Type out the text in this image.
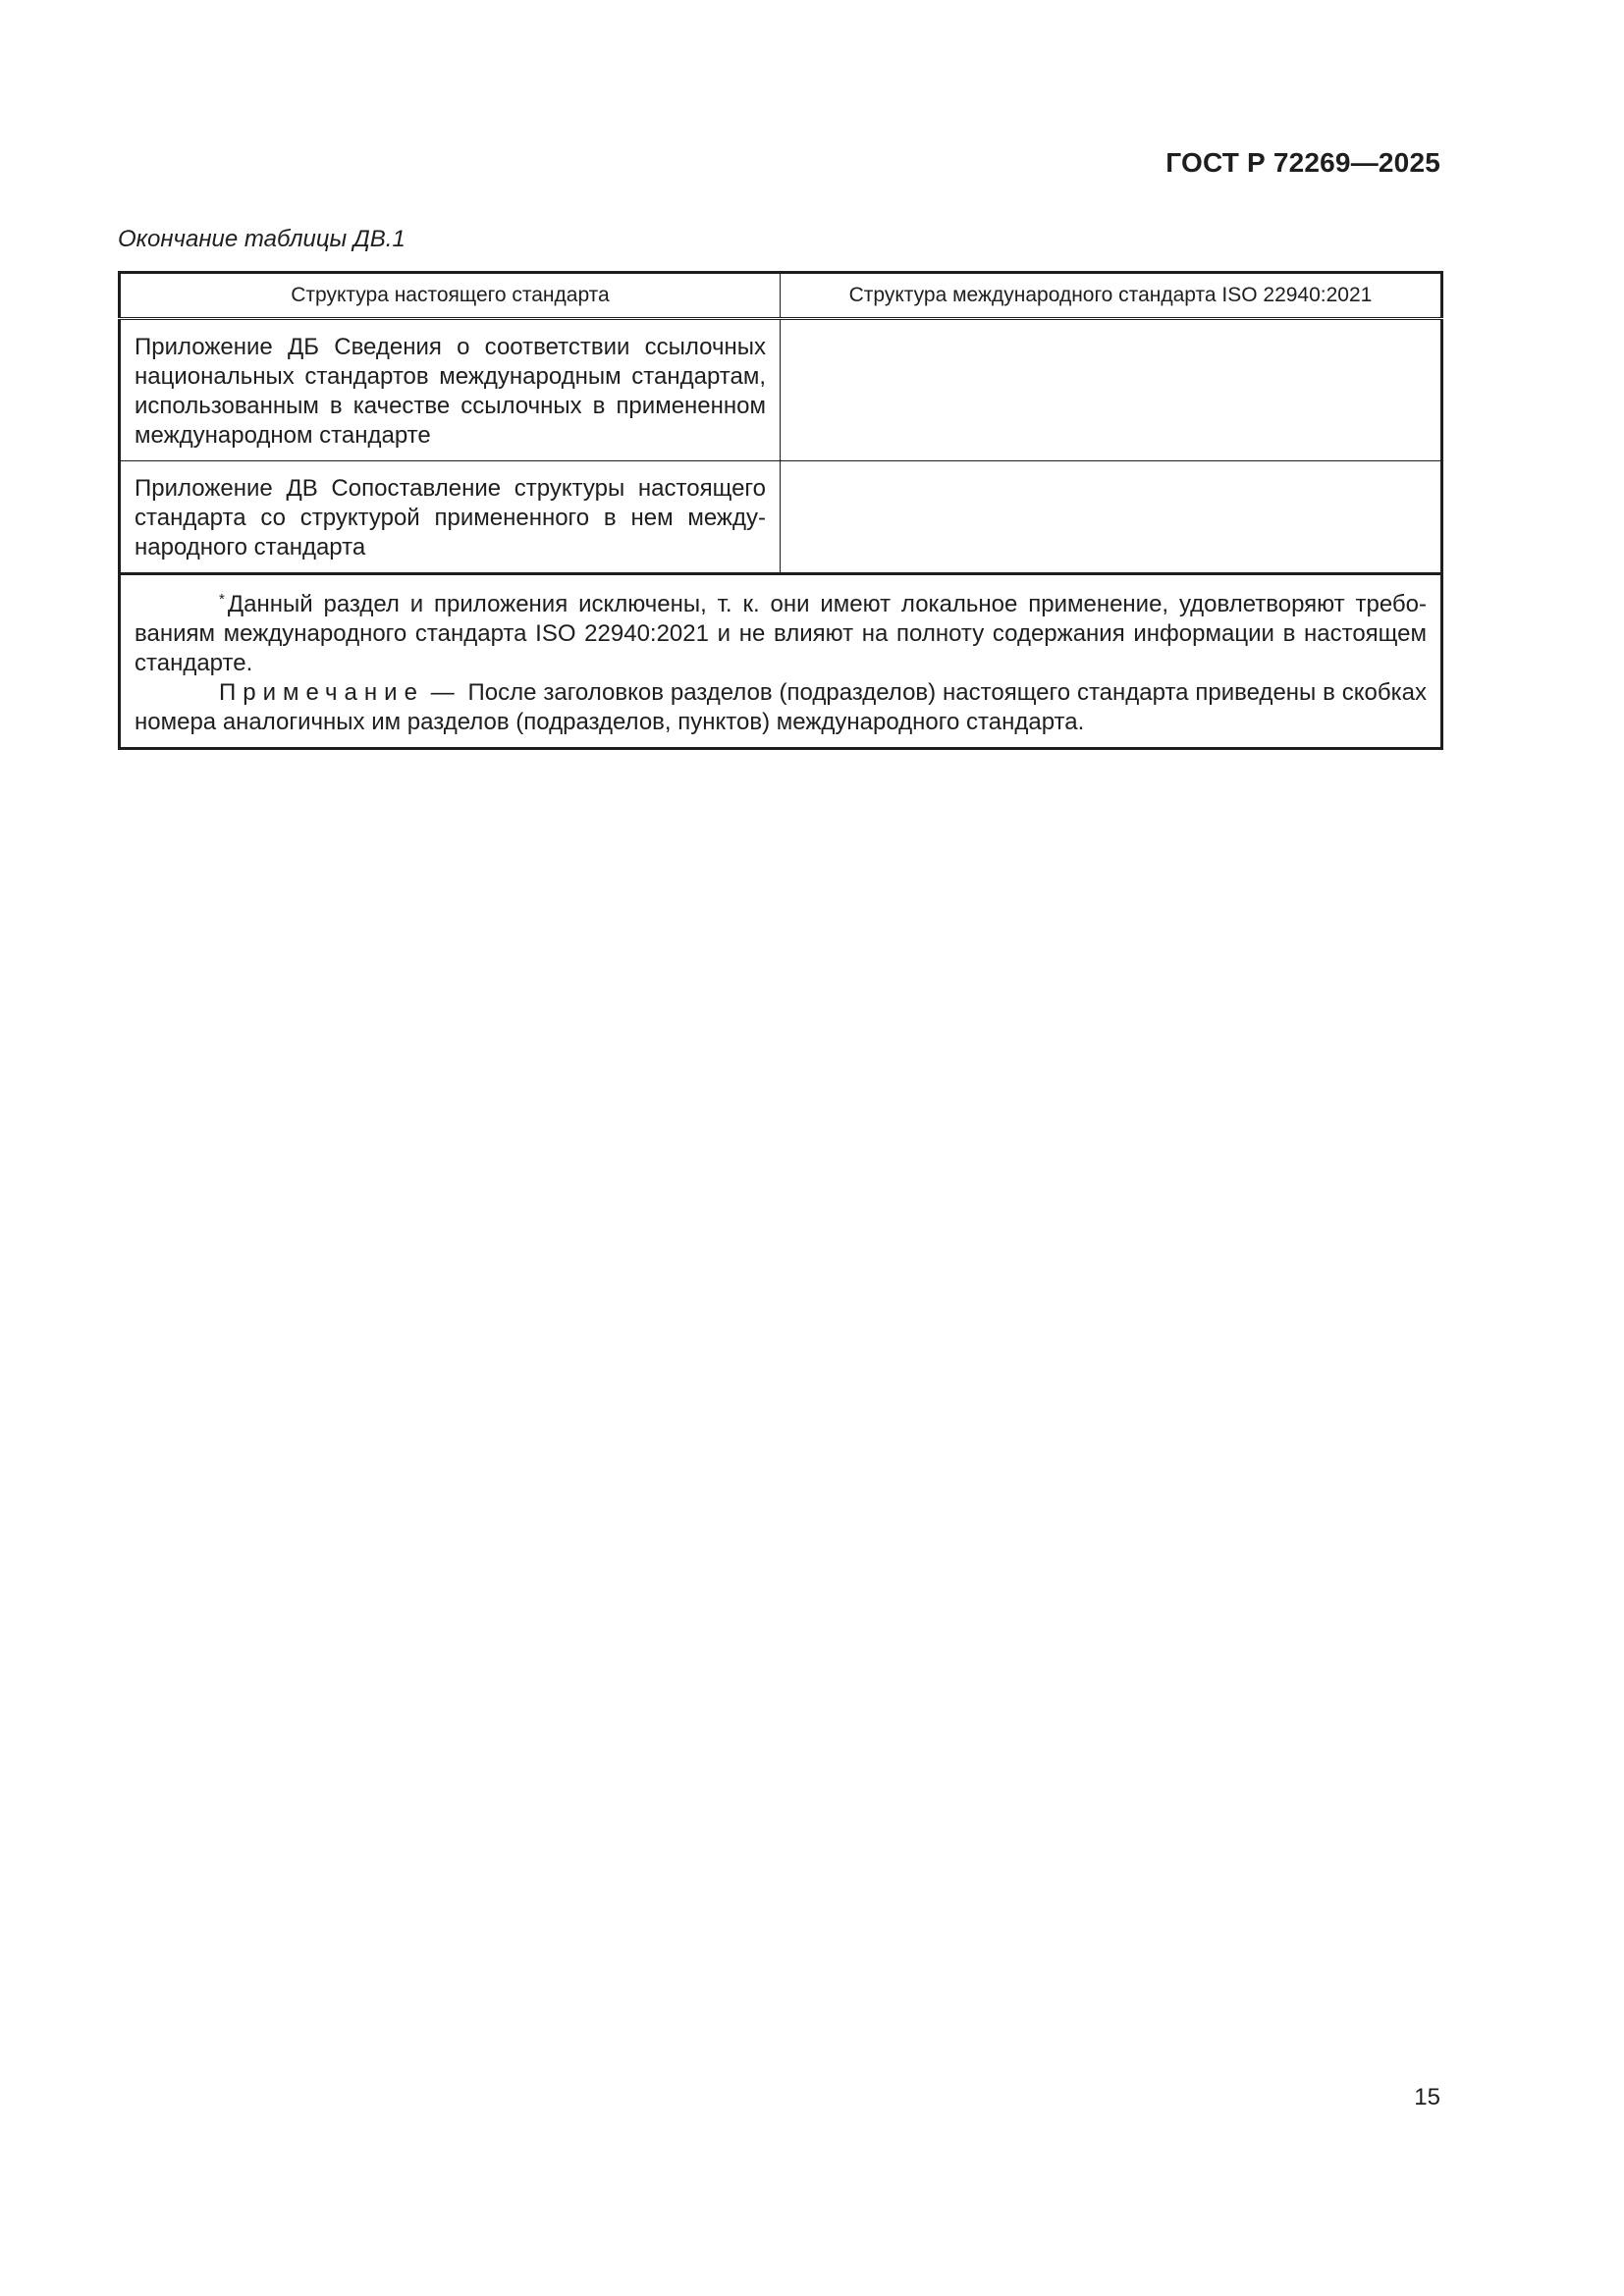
ГОСТ Р 72269—2025
Окончание таблицы ДВ.1
Структура настоящего стандарта	Структура международного стандарта ISO 22940:2021
Приложение ДБ Сведения о соответствии ссылочных национальных стандартов международным стандартам, использованным в качестве ссылочных в примененном международном стандарте	
Приложение ДВ Сопоставление структуры настоящего стандарта со структурой примененного в нем международного стандарта	

* Данный раздел и приложения исключены, т. к. они имеют локальное применение, удовлетворяют требованиям международного стандарта ISO 22940:2021 и не влияют на полноту содержания информации в настоящем стандарте.

Примечание — После заголовков разделов (подразделов) настоящего стандарта приведены в скобках номера аналогичных им разделов (подразделов, пунктов) международного стандарта.	

15
